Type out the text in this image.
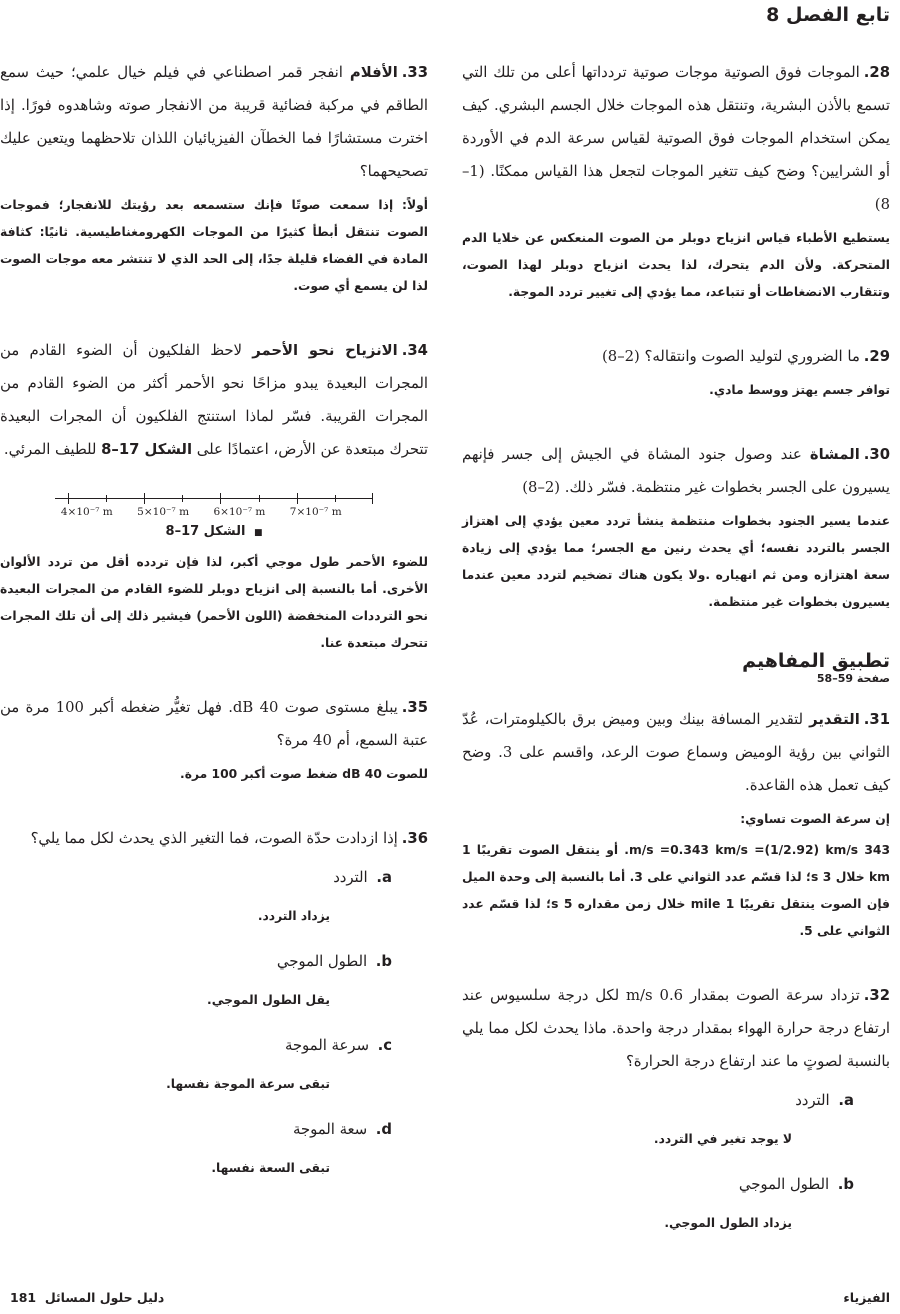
تابع الفصل 8

28.الموجات فوق الصوتية موجات صوتية تردداتها أعلى من تلك التي تسمع بالأذن البشرية، وتنتقل هذه الموجات خلال الجسم البشري. كيف يمكن استخدام الموجات فوق الصوتية لقياس سرعة الدم في الأوردة أو الشرايين؟ وضح كيف تتغير الموجات لتجعل هذا القياس ممكنًا. (1–8)

يستطيع الأطباء قياس انزياح دوبلر من الصوت المنعكس عن خلايا الدم المتحركة. ولأن الدم يتحرك، لذا يحدث انزياح دوبلر لهذا الصوت، وتتقارب الانضغاطات أو تتباعد، مما يؤدي إلى تغيير تردد الموجة.

29.ما الضروري لتوليد الصوت وانتقاله؟ (2–8)

توافر جسم يهتز ووسط مادي.

30.المشاة عند وصول جنود المشاة في الجيش إلى جسر فإنهم يسيرون على الجسر بخطوات غير منتظمة. فسّر ذلك. (2–8)

عندما يسير الجنود بخطوات منتظمة ينشأ تردد معين يؤدي إلى اهتزاز الجسر بالتردد نفسه؛ أي يحدث رنين مع الجسر؛ مما يؤدي إلى زيادة سعة اهتزازه ومن ثم انهياره .ولا يكون هناك تضخيم لتردد معين عندما يسيرون بخطوات غير منتظمة.

تطبيق المفاهيم

صفحة 59–58

31.التقدير لتقدير المسافة بينك وبين وميض برق بالكيلومترات، عُدّ الثواني بين رؤية الوميض وسماع صوت الرعد، واقسم على 3. وضح كيف تعمل هذه القاعدة.

إن سرعة الصوت تساوي:

343 m/s =0.343 km/s =(1/2.92) km/s. أو ينتقل الصوت تقريبًا 1 km خلال 3 s؛ لذا قسّم عدد الثواني على 3. أما بالنسبة إلى وحدة الميل فإن الصوت ينتقل تقريبًا 1 mile خلال زمن مقداره 5 s؛ لذا قسّم عدد الثواني على 5.

32.تزداد سرعة الصوت بمقدار 0.6 m/s لكل درجة سلسيوس عند ارتفاع درجة حرارة الهواء بمقدار درجة واحدة. ماذا يحدث لكل مما يلي بالنسبة لصوتٍ ما عند ارتفاع درجة الحرارة؟

a. التردد

لا يوجد تغير في التردد.

b. الطول الموجي

يزداد الطول الموجي.

33.الأفلام انفجر قمر اصطناعي في فيلم خيال علمي؛ حيث سمع الطاقم في مركبة فضائية قريبة من الانفجار صوته وشاهدوه فورًا. إذا اخترت مستشارًا فما الخطآن الفيزيائيان اللذان تلاحظهما ويتعين عليك تصحيحهما؟

أولاً: إذا سمعت صوتًا فإنك ستسمعه بعد رؤيتك للانفجار؛ فموجات الصوت تنتقل أبطأ كثيرًا من الموجات الكهرومغناطيسية. ثانيًا: كثافة المادة في الفضاء قليلة جدًا، إلى الحد الذي لا تنتشر معه موجات الصوت لذا لن يسمع أي صوت.

34.الانزياح نحو الأحمر لاحظ الفلكيون أن الضوء القادم من المجرات البعيدة يبدو مزاحًا نحو الأحمر أكثر من الضوء القادم من المجرات القريبة. فسّر لماذا استنتج الفلكيون أن المجرات البعيدة تتحرك مبتعدة عن الأرض، اعتمادًا على الشكل 17–8 للطيف المرئي.

4×10⁻⁷ m 5×10⁻⁷ m 6×10⁻⁷ m 7×10⁻⁷ m

■ الشكل 17–8

للضوء الأحمر طول موجي أكبر، لذا فإن تردده أقل من تردد الألوان الأخرى. أما بالنسبة إلى انزياح دوبلر للضوء القادم من المجرات البعيدة نحو الترددات المنخفضة (اللون الأحمر) فيشير ذلك إلى أن تلك المجرات تتحرك مبتعدة عنا.

35.يبلغ مستوى صوت 40 dB. فهل تغيُّر ضغطه أكبر 100 مرة من عتبة السمع، أم 40 مرة؟

للصوت 40 dB ضغط صوت أكبر 100 مرة.

36.إذا ازدادت حدّة الصوت، فما التغير الذي يحدث لكل مما يلي؟

a. التردد

يزداد التردد.

b. الطول الموجي

يقل الطول الموجي.

c. سرعة الموجة

تبقى سرعة الموجة نفسها.

d. سعة الموجة

تبقى السعة نفسها.

الفيزياء
دليل حلول المسائل  181
